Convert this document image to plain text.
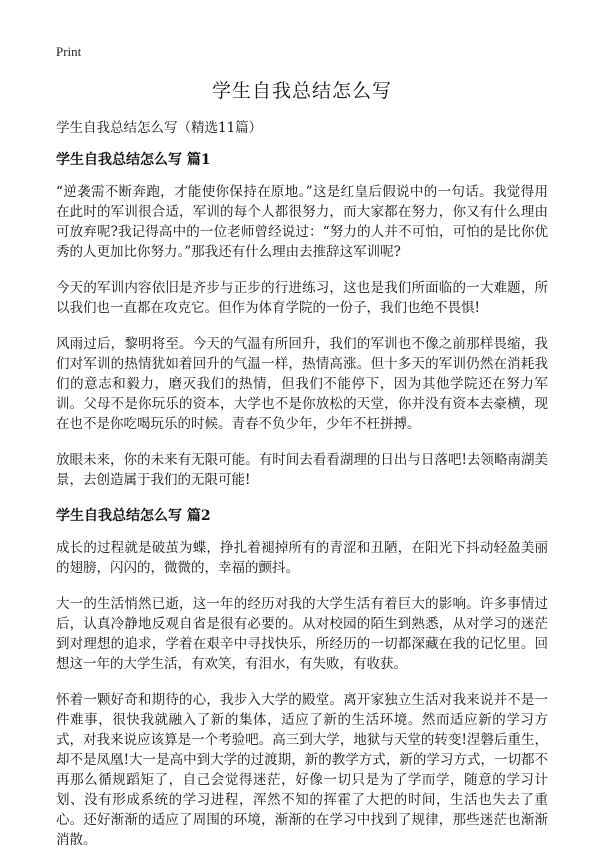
Print
学生自我总结怎么写
学生自我总结怎么写（精选11篇）
学生自我总结怎么写 篇1

“逆袭需不断奔跑，才能使你保持在原地。”这是红皇后假说中的一句话。我觉得用在此时的军训很合适，军训的每个人都很努力，而大家都在努力，你又有什么理由可放弃呢?我记得高中的一位老师曾经说过：“努力的人并不可怕，可怕的是比你优秀的人更加比你努力。”那我还有什么理由去推辞这军训呢?

今天的军训内容依旧是齐步与正步的行进练习，这也是我们所面临的一大难题，所以我们也一直都在攻克它。但作为体育学院的一份子，我们也绝不畏惧!

风雨过后，黎明将至。今天的气温有所回升，我们的军训也不像之前那样畏缩，我们对军训的热情犹如着回升的气温一样，热情高涨。但十多天的军训仍然在消耗我们的意志和毅力，磨灭我们的热情，但我们不能停下，因为其他学院还在努力军训。父母不是你玩乐的资本，大学也不是你放松的天堂，你并没有资本去豪横，现在也不是你吃喝玩乐的时候。青春不负少年，少年不枉拼搏。

放眼未来，你的未来有无限可能。有时间去看看湖理的日出与日落吧!去领略南湖美景，去创造属于我们的无限可能!

学生自我总结怎么写 篇2

成长的过程就是破茧为蝶，挣扎着褪掉所有的青涩和丑陋，在阳光下抖动轻盈美丽的翅膀，闪闪的，微微的，幸福的颤抖。

大一的生活悄然已逝，这一年的经历对我的大学生活有着巨大的影响。许多事情过后，认真冷静地反观自省是很有必要的。从对校园的陌生到熟悉，从对学习的迷茫到对理想的追求，学着在艰辛中寻找快乐，所经历的一切都深藏在我的记忆里。回想这一年的大学生活，有欢笑，有泪水，有失败，有收获。

怀着一颗好奇和期待的心，我步入大学的殿堂。离开家独立生活对我来说并不是一件难事，很快我就融入了新的集体，适应了新的生活环境。然而适应新的学习方式，对我来说应该算是一个考验吧。高三到大学，地狱与天堂的转变!涅磐后重生，却不是凤凰!大一是高中到大学的过渡期，新的教学方式，新的学习方式，一切都不再那么循规蹈矩了，自己会觉得迷茫，好像一切只是为了学而学，随意的学习计划、没有形成系统的学习进程，浑然不知的挥霍了大把的时间，生活也失去了重心。还好渐渐的适应了周围的环境，渐渐的在学习中找到了规律，那些迷茫也渐渐消散。
